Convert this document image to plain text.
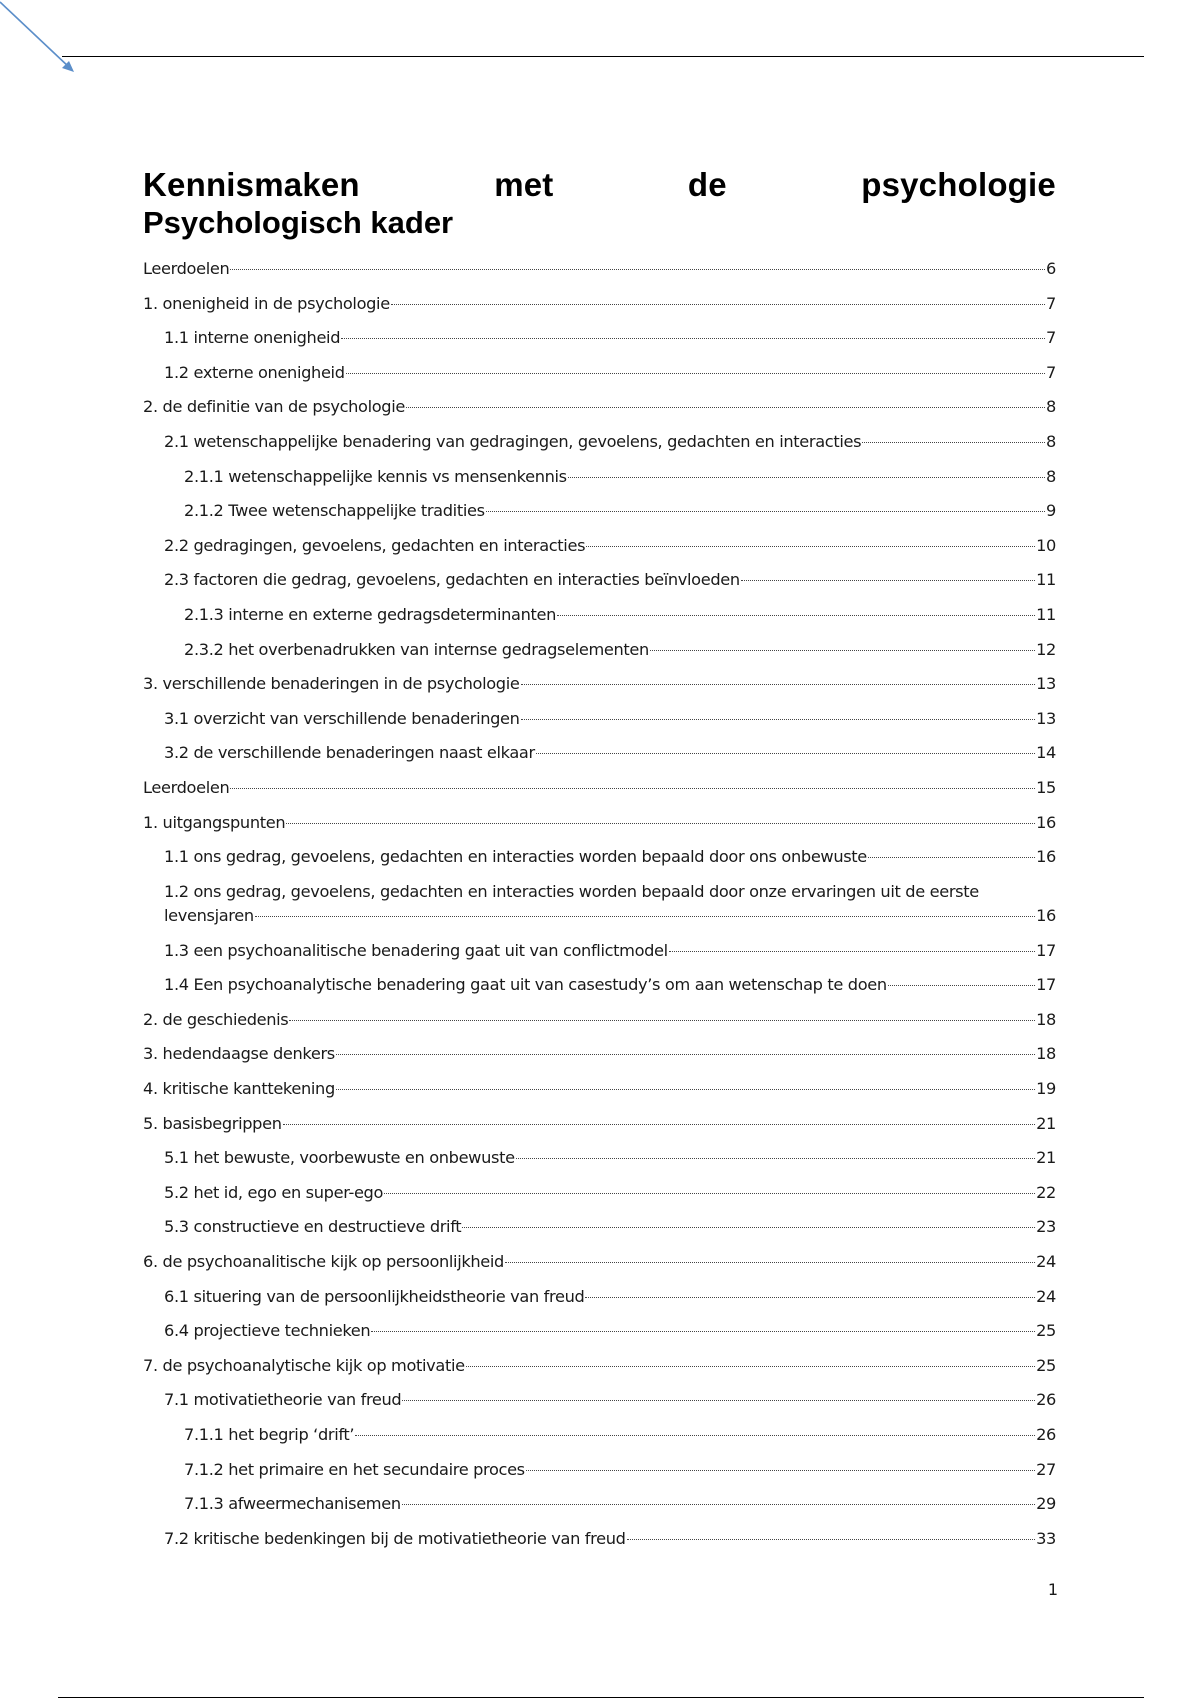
Kennismaken	met	de	psychologie
Psychologisch kader
Leerdoelen	6
1. onenigheid in de psychologie	7
1.1 interne onenigheid	7
1.2 externe onenigheid	7
2. de definitie van de psychologie	8
2.1 wetenschappelijke benadering van gedragingen, gevoelens, gedachten en interacties	8
2.1.1 wetenschappelijke kennis vs mensenkennis	8
2.1.2 Twee wetenschappelijke tradities	9
2.2 gedragingen, gevoelens, gedachten en interacties	10
2.3 factoren die gedrag, gevoelens, gedachten en interacties beïnvloeden	11
2.1.3 interne en externe gedragsdeterminanten	11
2.3.2 het overbenadrukken van internse gedragselementen	12
3. verschillende benaderingen in de psychologie	13
3.1 overzicht van verschillende benaderingen	13
3.2 de verschillende benaderingen naast elkaar	14
Leerdoelen	15
1. uitgangspunten	16
1.1 ons gedrag, gevoelens, gedachten en interacties worden bepaald door ons onbewuste	16
1.2 ons gedrag, gevoelens, gedachten en interacties worden bepaald door onze ervaringen uit de eerste
levensjaren	16
1.3 een psychoanalitische benadering gaat uit van conflictmodel	17
1.4 Een psychoanalytische benadering gaat uit van casestudy’s om aan wetenschap te doen	17
2. de geschiedenis	18
3. hedendaagse denkers	18
4. kritische kanttekening	19
5. basisbegrippen	21
5.1 het bewuste, voorbewuste en onbewuste	21
5.2 het id, ego en super-ego	22
5.3 constructieve en destructieve drift	23
6. de psychoanalitische kijk op persoonlijkheid	24
6.1 situering van de persoonlijkheidstheorie van freud	24
6.4 projectieve technieken	25
7. de psychoanalytische kijk op motivatie	25
7.1 motivatietheorie van freud	26
7.1.1 het begrip ‘drift’	26
7.1.2 het primaire en het secundaire proces	27
7.1.3 afweermechanisemen	29
7.2 kritische bedenkingen bij de motivatietheorie van freud	33
1
